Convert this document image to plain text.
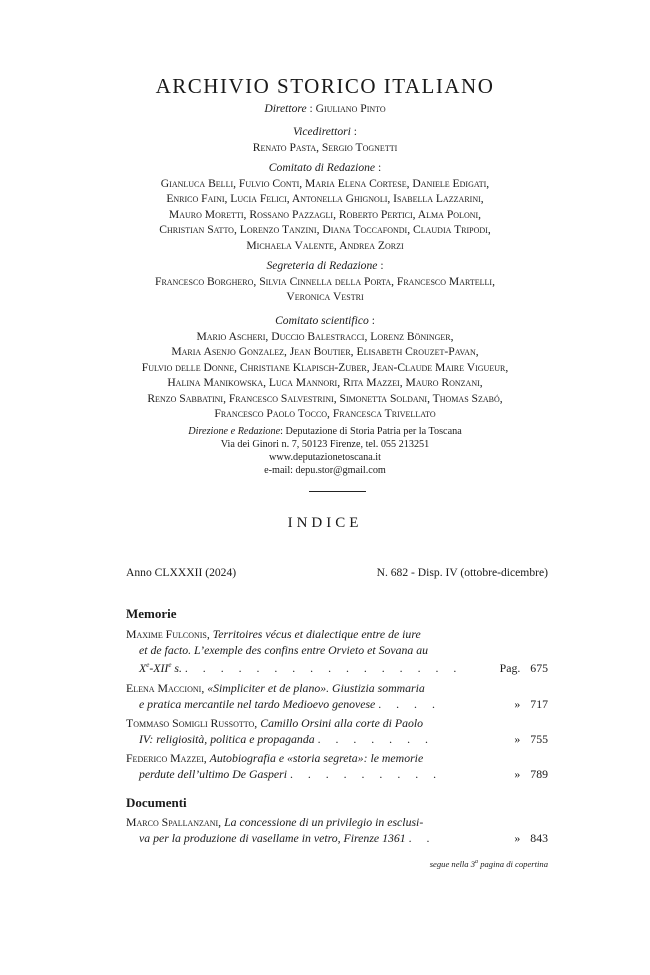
ARCHIVIO STORICO ITALIANO
Direttore : Giuliano Pinto
Vicedirettori :
Renato Pasta, Sergio Tognetti
Comitato di Redazione :
Gianluca Belli, Fulvio Conti, Maria Elena Cortese, Daniele Edigati,
Enrico Faini, Lucia Felici, Antonella Ghignoli, Isabella Lazzarini,
Mauro Moretti, Rossano Pazzagli, Roberto Pertici, Alma Poloni,
Christian Satto, Lorenzo Tanzini, Diana Toccafondi, Claudia Tripodi,
Michaela Valente, Andrea Zorzi
Segreteria di Redazione :
Francesco Borghero, Silvia Cinnella della Porta, Francesco Martelli,
Veronica Vestri
Comitato scientifico :
Mario Ascheri, Duccio Balestracci, Lorenz Böninger,
Maria Asenjo Gonzalez, Jean Boutier, Elisabeth Crouzet-Pavan,
Fulvio delle Donne, Christiane Klapisch-Zuber, Jean-Claude Maire Vigueur,
Halina Manikowska, Luca Mannori, Rita Mazzei, Mauro Ronzani,
Renzo Sabbatini, Francesco Salvestrini, Simonetta Soldani, Thomas Szabó,
Francesco Paolo Tocco, Francesca Trivellato
Direzione e Redazione: Deputazione di Storia Patria per la Toscana
Via dei Ginori n. 7, 50123 Firenze, tel. 055 213251
www.deputazionetoscana.it
e-mail: depu.stor@gmail.com
INDICE
Anno CLXXXII (2024)	N. 682 - Disp. IV (ottobre-dicembre)
Memorie
Maxime Fulconis, Territoires vécus et dialectique entre de iure
et de facto. L’exemple des confins entre Orvieto et Sovana au
Xe-XIIe s. . . . . . . . . . . . . . . . .	Pag. 675
Elena Maccioni, «Simpliciter et de plano». Giustizia sommaria
e pratica mercantile nel tardo Medioevo genovese . . . .	» 717
Tommaso Somigli Russotto, Camillo Orsini alla corte di Paolo
IV: religiosità, politica e propaganda . . . . . . .	» 755
Federico Mazzei, Autobiografia e «storia segreta»: le memorie
perdute dell’ultimo De Gasperi . . . . . . . . .	» 789
Documenti
Marco Spallanzani, La concessione di un privilegio in esclusi-
va per la produzione di vasellame in vetro, Firenze 1361 . .	» 843
segue nella 3$^a$ pagina di copertina
